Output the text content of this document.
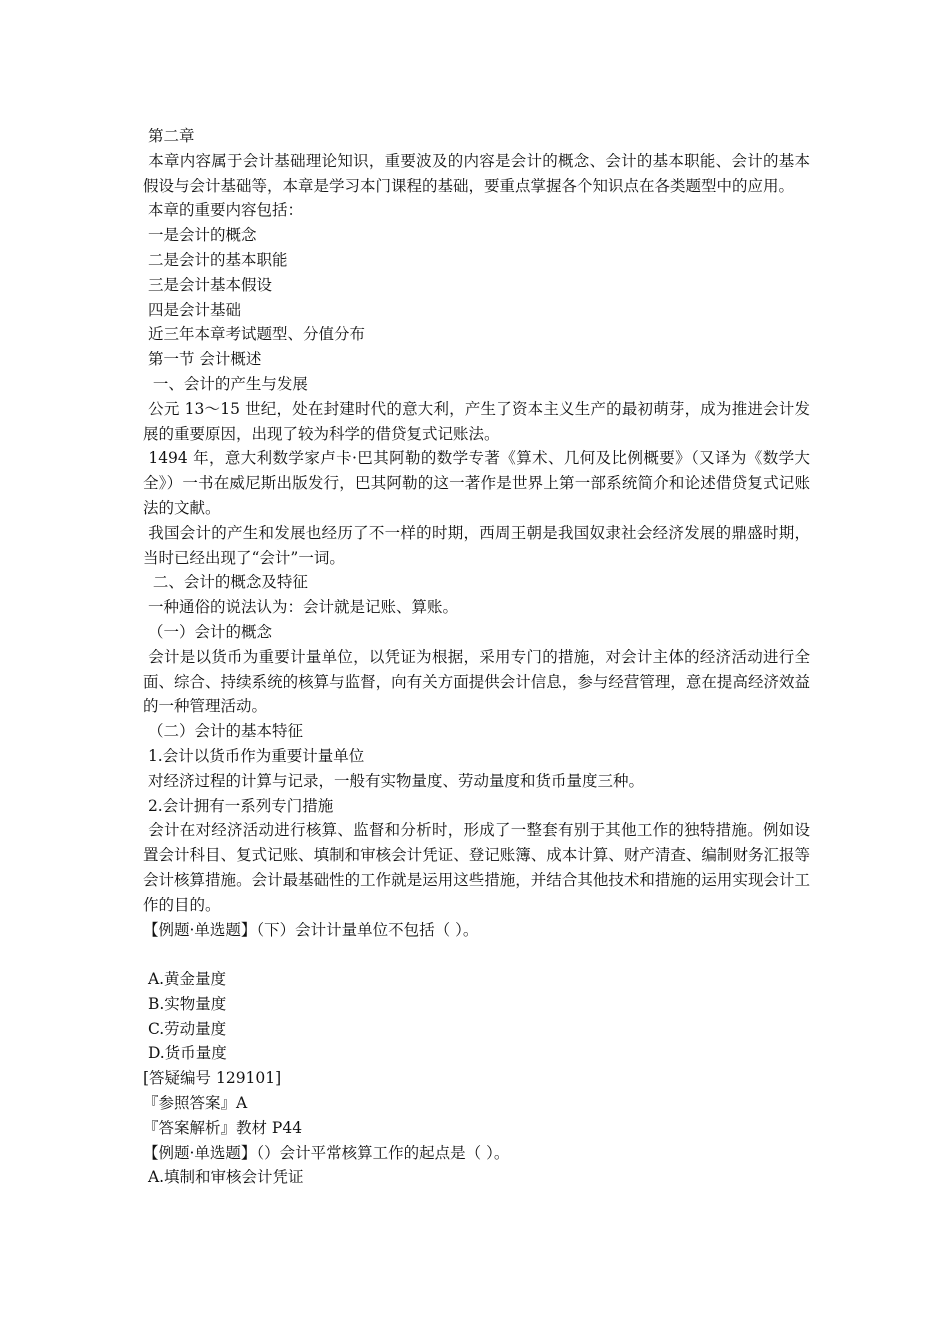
第二章

本章内容属于会计基础理论知识，重要波及的内容是会计的概念、会计的基本职能、会计的基本假设与会计基础等，本章是学习本门课程的基础，要重点掌握各个知识点在各类题型中的应用。

本章的重要内容包括：

一是会计的概念

二是会计的基本职能

三是会计基本假设

四是会计基础

近三年本章考试题型、分值分布

第一节 会计概述

一、会计的产生与发展

公元 13～15 世纪，处在封建时代的意大利，产生了资本主义生产的最初萌芽，成为推进会计发展的重要原因，出现了较为科学的借贷复式记账法。

1494 年，意大利数学家卢卡·巴其阿勒的数学专著《算术、几何及比例概要》（又译为《数学大全》）一书在威尼斯出版发行，巴其阿勒的这一著作是世界上第一部系统简介和论述借贷复式记账法的文献。

我国会计的产生和发展也经历了不一样的时期，西周王朝是我国奴隶社会经济发展的鼎盛时期，当时已经出现了“会计”一词。

二、会计的概念及特征

一种通俗的说法认为：会计就是记账、算账。

（一）会计的概念

会计是以货币为重要计量单位，以凭证为根据，采用专门的措施，对会计主体的经济活动进行全面、综合、持续系统的核算与监督，向有关方面提供会计信息，参与经营管理，意在提高经济效益的一种管理活动。

（二）会计的基本特征

1.会计以货币作为重要计量单位

对经济过程的计算与记录，一般有实物量度、劳动量度和货币量度三种。

2.会计拥有一系列专门措施

会计在对经济活动进行核算、监督和分析时，形成了一整套有别于其他工作的独特措施。例如设置会计科目、复式记账、填制和审核会计凭证、登记账簿、成本计算、财产清查、编制财务汇报等会计核算措施。会计最基础性的工作就是运用这些措施，并结合其他技术和措施的运用实现会计工作的目的。

【例题·单选题】（下）会计计量单位不包括（ ）。

A.黄金量度

B.实物量度

C.劳动量度

D.货币量度

[答疑编号 129101]

『参照答案』A

『答案解析』教材 P44

【例题·单选题】（）会计平常核算工作的起点是（ ）。

A.填制和审核会计凭证
